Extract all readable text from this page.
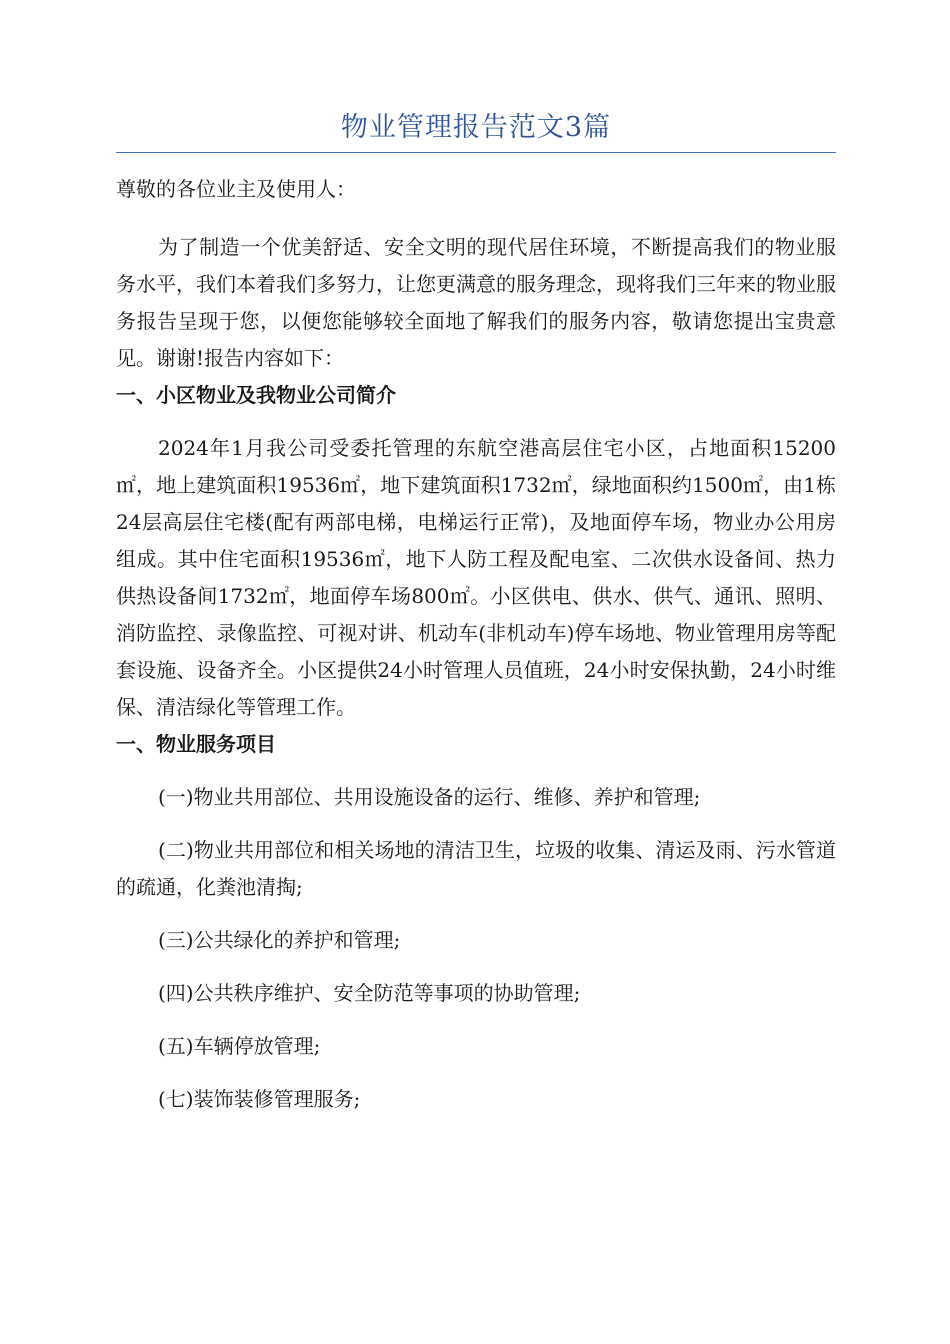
物业管理报告范文3篇

尊敬的各位业主及使用人：

为了制造一个优美舒适、安全文明的现代居住环境，不断提高我们的物业服务水平，我们本着我们多努力，让您更满意的服务理念，现将我们三年来的物业服务报告呈现于您，以便您能够较全面地了解我们的服务内容，敬请您提出宝贵意见。谢谢!报告内容如下：

一、小区物业及我物业公司简介

2024年1月我公司受委托管理的东航空港高层住宅小区，占地面积15200㎡，地上建筑面积19536㎡，地下建筑面积1732㎡，绿地面积约1500㎡，由1栋24层高层住宅楼(配有两部电梯，电梯运行正常)，及地面停车场，物业办公用房组成。其中住宅面积19536㎡，地下人防工程及配电室、二次供水设备间、热力供热设备间1732㎡，地面停车场800㎡。小区供电、供水、供气、通讯、照明、消防监控、录像监控、可视对讲、机动车(非机动车)停车场地、物业管理用房等配套设施、设备齐全。小区提供24小时管理人员值班，24小时安保执勤，24小时维保、清洁绿化等管理工作。

一、物业服务项目

(一)物业共用部位、共用设施设备的运行、维修、养护和管理;

(二)物业共用部位和相关场地的清洁卫生，垃圾的收集、清运及雨、污水管道的疏通，化粪池清掏;

(三)公共绿化的养护和管理;

(四)公共秩序维护、安全防范等事项的协助管理;

(五)车辆停放管理;

(七)装饰装修管理服务;
